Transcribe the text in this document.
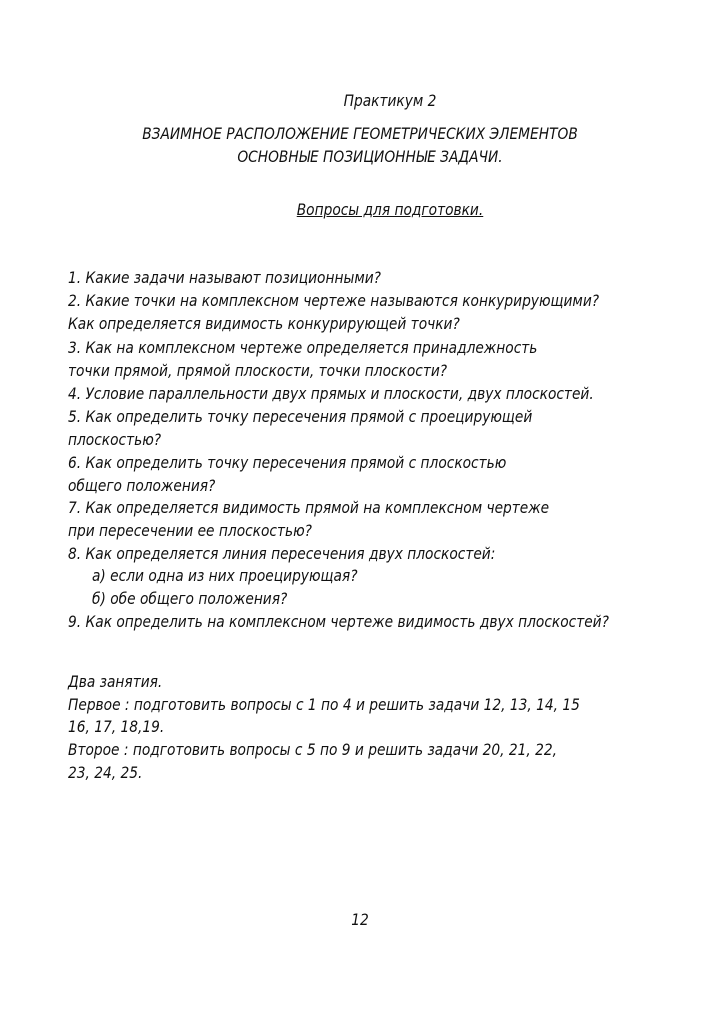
Практикум 2

ВЗАИМНОЕ РАСПОЛОЖЕНИЕ ГЕОМЕТРИЧЕСКИХ ЭЛЕМЕНТОВ

ОСНОВНЫЕ ПОЗИЦИОННЫЕ ЗАДАЧИ.

Вопросы для подготовки.

1. Какие задачи называют позиционными?

2. Какие точки на комплексном чертеже называются конкурирующими?

Как определяется видимость конкурирующей точки?

3. Как на комплексном чертеже определяется принадлежность

точки прямой, прямой плоскости, точки плоскости?

4. Условие параллельности двух прямых и плоскости, двух плоскостей.

5. Как определить точку пересечения прямой с проецирующей

плоскостью?

6. Как определить точку пересечения прямой с плоскостью

общего положения?

7. Как определяется видимость прямой на комплексном чертеже

при пересечении ее плоскостью?

8. Как определяется линия пересечения двух плоскостей:

а) если одна из них проецирующая?

б) обе общего положения?

9. Как определить на комплексном чертеже видимость двух плоскостей?

Два занятия.

Первое : подготовить вопросы с 1 по 4 и решить задачи 12, 13, 14, 15

16, 17, 18,19.

Второе : подготовить вопросы с 5 по 9 и решить задачи 20, 21, 22,

23, 24, 25.

12
